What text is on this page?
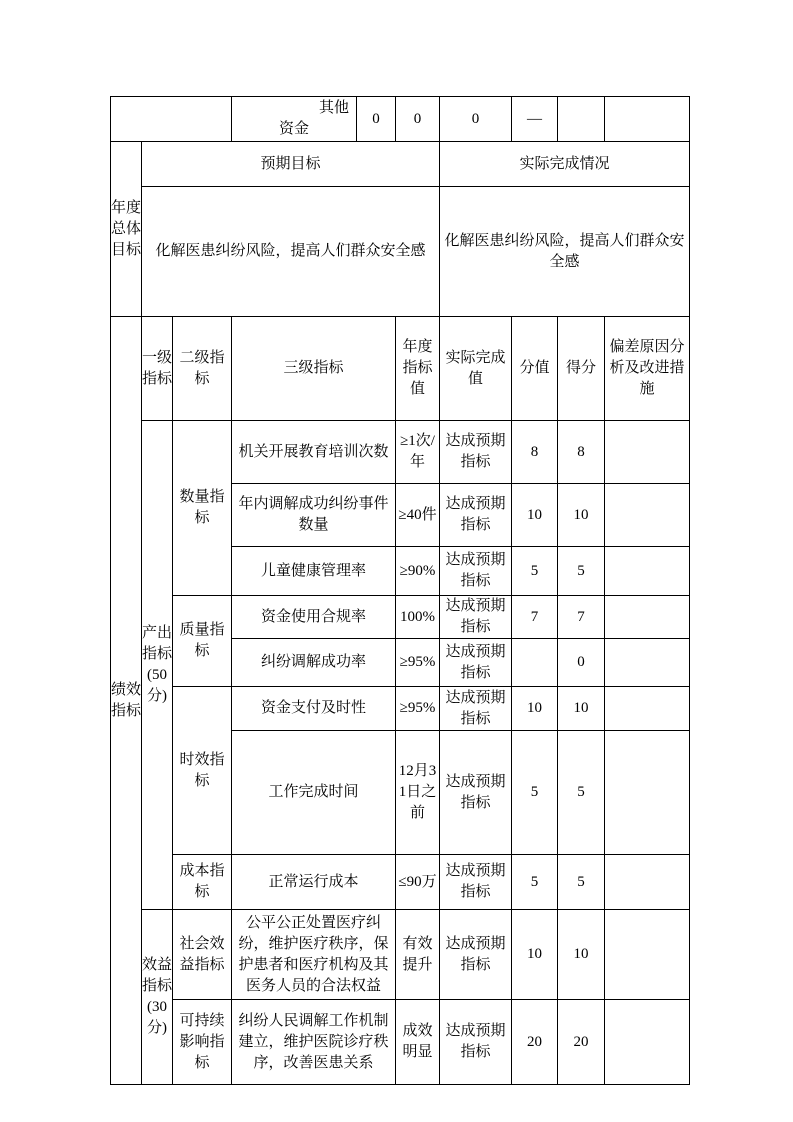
			其他资金	0	0	0	—		
年度总体目标	预期目标					实际完成情况			
	化解医患纠纷风险，提高人们群众安全感					化解医患纠纷风险，提高人们群众安全感			
绩效指标	一级指标	二级指标	三级指标		年度指标值	实际完成值	分值	得分	偏差原因分析及改进措施
	产出指标(50分)	数量指标	机关开展教育培训次数		≥1次/年	达成预期指标	8	8	
			年内调解成功纠纷事件数量		≥40件	达成预期指标	10	10	
			儿童健康管理率		≥90%	达成预期指标	5	5	
		质量指标	资金使用合规率		100%	达成预期指标	7	7	
			纠纷调解成功率		≥95%	达成预期指标		0	
		时效指标	资金支付及时性		≥95%	达成预期指标	10	10	
			工作完成时间		12月31日之前	达成预期指标	5	5	
		成本指标	正常运行成本		≤90万	达成预期指标	5	5	
	效益指标(30分)	社会效益指标	公平公正处置医疗纠纷，维护医疗秩序，保护患者和医疗机构及其医务人员的合法权益		有效提升	达成预期指标	10	10	
		可持续影响指标	纠纷人民调解工作机制建立，维护医院诊疗秩序，改善医患关系		成效明显	达成预期指标	20	20	
